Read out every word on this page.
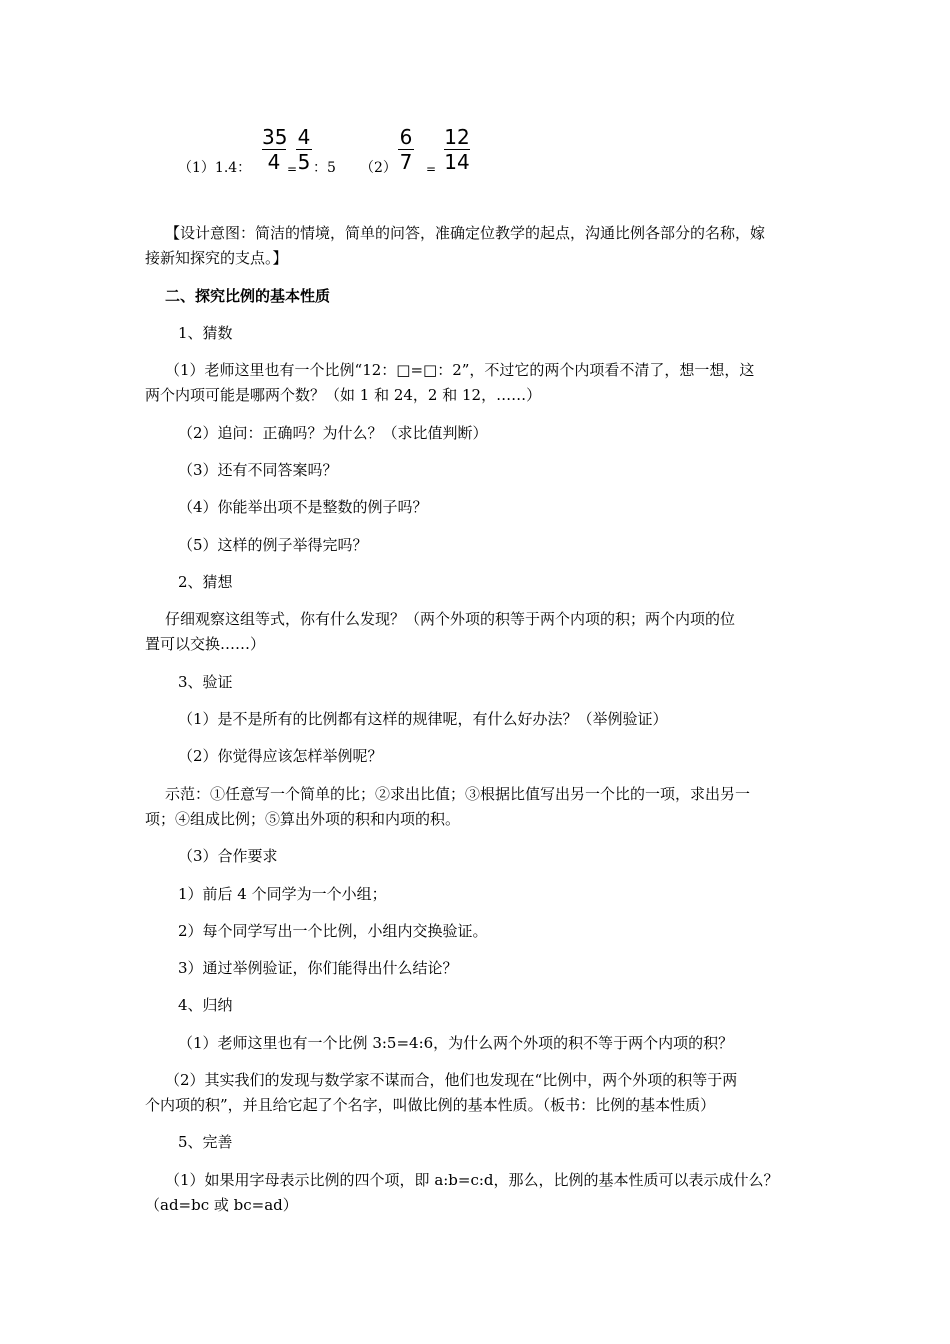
（1）1.4：
35
4
4
5
= ：5 （2）
6
7 =
12
14
【设计意图：简洁的情境，简单的问答，准确定位教学的起点，沟通比例各部分的名称，嫁
接新知探究的支点。】
二、探究比例的基本性质
1、猜数
（1）老师这里也有一个比例“12：□=□：2”，不过它的两个内项看不清了，想一想，这
两个内项可能是哪两个数？（如 1 和 24，2 和 12，……）
（2）追问：正确吗？为什么？（求比值判断）
（3）还有不同答案吗？
（4）你能举出项不是整数的例子吗？
（5）这样的例子举得完吗？
2、猜想
仔细观察这组等式，你有什么发现？（两个外项的积等于两个内项的积；两个内项的位
置可以交换……）
3、验证
（1）是不是所有的比例都有这样的规律呢，有什么好办法？（举例验证）
（2）你觉得应该怎样举例呢？
示范：①任意写一个简单的比；②求出比值；③根据比值写出另一个比的一项，求出另一
项；④组成比例；⑤算出外项的积和内项的积。
（3）合作要求
1）前后 4 个同学为一个小组；
2）每个同学写出一个比例，小组内交换验证。
3）通过举例验证，你们能得出什么结论？
4、归纳
（1）老师这里也有一个比例 3:5=4:6，为什么两个外项的积不等于两个内项的积？
（2）其实我们的发现与数学家不谋而合，他们也发现在“比例中，两个外项的积等于两
个内项的积”，并且给它起了个名字，叫做比例的基本性质。（板书：比例的基本性质）
5、完善
（1）如果用字母表示比例的四个项，即 a:b=c:d，那么，比例的基本性质可以表示成什么？
（ad=bc 或 bc=ad）
